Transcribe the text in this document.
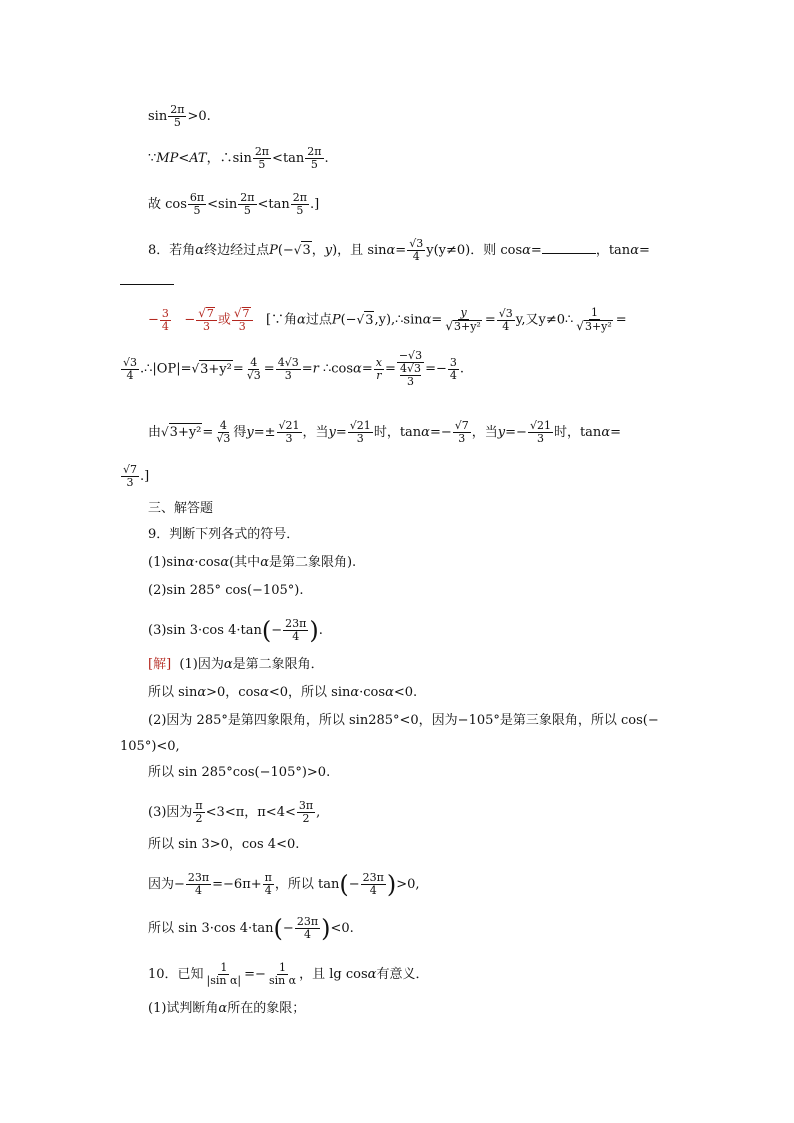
$\sin \frac{2\pi}{5} >0$.
∵MP<AT，∴sin $\frac{2\pi}{5} <\tan \frac{2\pi}{5}$ .
故 $\cos \frac{6\pi}{5} <\sin \frac{2\pi}{5} <\tan \frac{2\pi}{5}$ .]
8．若角α终边经过点P(−√3，y)，且 $\sin\alpha= \frac{√3}{4} y(y\ne 0)$．则 cosα=	，tanα=
− $\frac{3}{4} - \frac{√7}{3}$ 或 $\frac{√7}{3}$ [∵角α过点P(−√3,y),∴sinα= $\frac{y}{\text{√3+y²}} = \frac{√3}{4} y$,又y≠0∴ $\frac{1}{\text{√3+y²}}$ =
$\frac{√3}{4}$ .∴|OP|=√3+y²= $\frac{4}{√3} = \frac{4√3}{3} =r$ ∴cosα= $\frac{x}{r} = -√3$
4√3
$3 =- \frac{3}{4}$ .
由$√3+y^2= \frac{4}{√3}$ 得$y=\pm \frac{√21}{3}$ ，当$y= \frac{√21}{3}$ 时，$\tan\alpha=- \frac{√7}{3}$ ，当$y=- \frac{√21}{3}$ 时，tanα=
$\frac{√7}{3}$ .]
三、解答题
9．判断下列各式的符号．
(1)sinα·cosα(其中α是第二象限角).
(2)sin 285° cos(−105°).
(3)sin 3·cos $4\cdot\tan(- \frac{23\pi}{4}$ ).
[解] (1)因为α是第二象限角．
所以 sinα>0，cosα<0，所以 sinα·cosα<0.
(2)因为 285°是第四象限角，所以 sin285°<0，因为−105°是第三象限角，所以 cos(−
105°)<0,
所以 sin 285°cos(−105°)>0.
(3)因为 $\frac{\pi}{2} <3<\pi$，$\pi<4< \frac{3\pi}{2}$ ,
所以 sin 3>0，cos 4<0.
因为− $\frac{23\pi}{4} =-6\pi+ \frac{\pi}{4}$ ，所以 $\tan(- \frac{23\pi}{4} )>0$,
所以 sin 3·cos $4\cdot\tan(- \frac{23\pi}{4} )<0$.
10．已知 $\frac{1}{\text{|sin α|}} =- \frac{1}{\text{sin α}}$ ，且 lg cosα有意义．
(1)试判断角α所在的象限；
